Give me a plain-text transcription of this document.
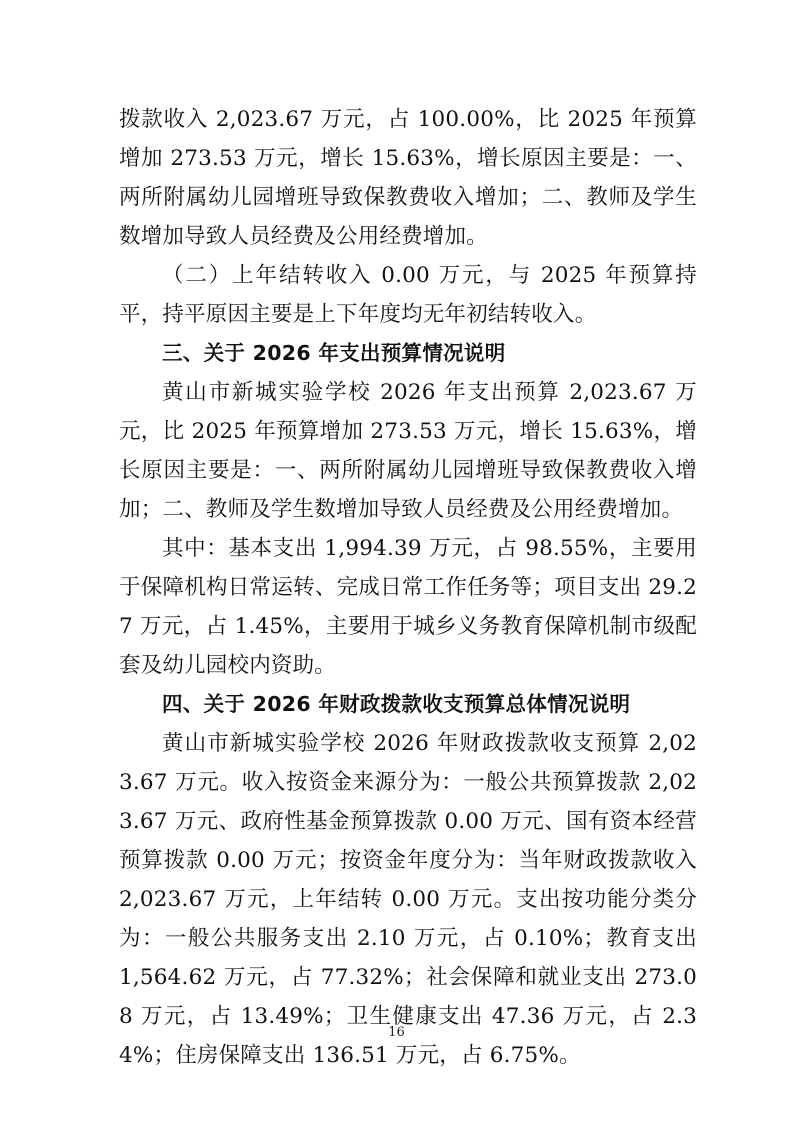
拨款收入 2,023.67 万元，占 100.00%，比 2025 年预算增加 273.53 万元，增长 15.63%，增长原因主要是：一、两所附属幼儿园增班导致保教费收入增加；二、教师及学生数增加导致人员经费及公用经费增加。

（二）上年结转收入 0.00 万元，与 2025 年预算持平，持平原因主要是上下年度均无年初结转收入。

三、关于 2026 年支出预算情况说明

黄山市新城实验学校 2026 年支出预算 2,023.67 万元，比 2025 年预算增加 273.53 万元，增长 15.63%，增长原因主要是：一、两所附属幼儿园增班导致保教费收入增加；二、教师及学生数增加导致人员经费及公用经费增加。

其中：基本支出 1,994.39 万元，占 98.55%，主要用于保障机构日常运转、完成日常工作任务等；项目支出 29.27 万元，占 1.45%，主要用于城乡义务教育保障机制市级配套及幼儿园校内资助。

四、关于 2026 年财政拨款收支预算总体情况说明

黄山市新城实验学校 2026 年财政拨款收支预算 2,023.67 万元。收入按资金来源分为：一般公共预算拨款 2,023.67 万元、政府性基金预算拨款 0.00 万元、国有资本经营预算拨款 0.00 万元；按资金年度分为：当年财政拨款收入 2,023.67 万元，上年结转 0.00 万元。支出按功能分类分为：一般公共服务支出 2.10 万元，占 0.10%；教育支出 1,564.62 万元，占 77.32%；社会保障和就业支出 273.08 万元，占 13.49%；卫生健康支出 47.36 万元，占 2.34%；住房保障支出 136.51 万元，占 6.75%。

16
